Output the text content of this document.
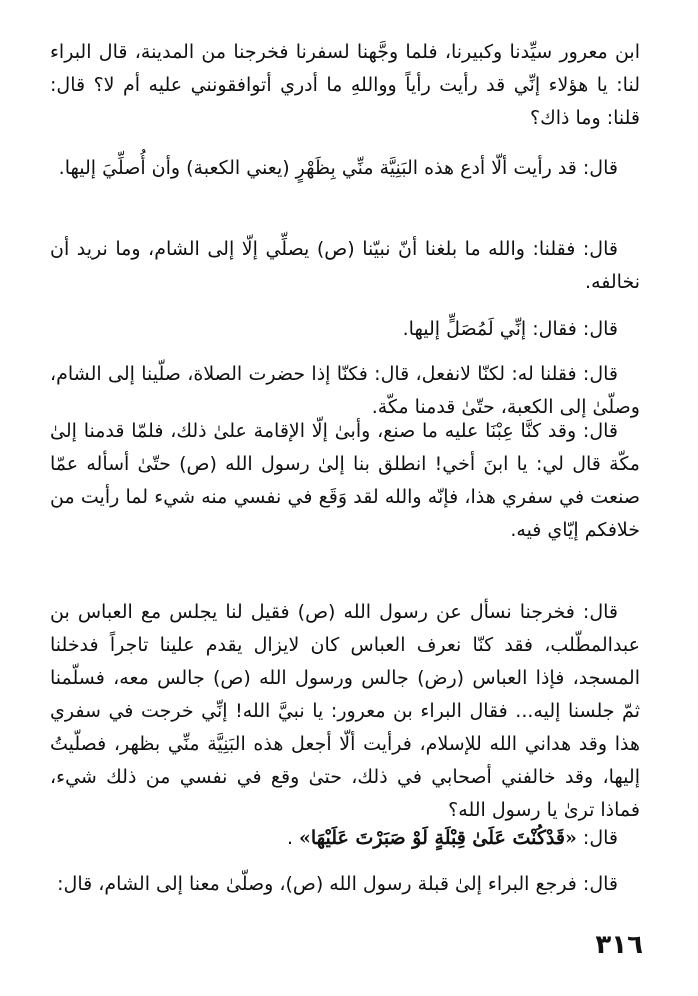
ابن معرور سيِّدنا وكبيرنا، فلما وجَّهنا لسفرنا فخرجنا من المدينة، قال البراء لنا: يا هؤلاء إنِّي قد رأيت رأياً وواللهِ ما أدري أتوافقونني عليه أم لا؟ قال: قلنا: وما ذاك؟

قال: قد رأيت ألّا أدع هذه البَنِيَّة منِّي بِظَهْرٍ (يعني الكعبة) وأن أُصلِّيَ إليها.

قال: فقلنا: والله ما بلغنا أنّ نبيّنا (ص) يصلِّي إلّا إلى الشام، وما نريد أن نخالفه.

قال: فقال: إنِّي لَمُصَلٍّ إليها.

قال: فقلنا له: لكنّا لانفعل، قال: فكنّا إذا حضرت الصلاة، صلّينا إلى الشام، وصلّىٰ إلى الكعبة، حتّىٰ قدمنا مكّة.

قال: وقد كنَّا عِبْنَا عليه ما صنع، وأبىٰ إلّا الإقامة علىٰ ذلك، فلمّا قدمنا إلىٰ مكّة قال لي: يا ابنَ أخي! انطلق بنا إلىٰ رسول الله (ص) حتّىٰ أسأله عمّا صنعت في سفري هذا، فإنّه والله لقد وَقَع في نفسي منه شيء لما رأيت من خلافكم إيّاي فيه.

قال: فخرجنا نسأل عن رسول الله (ص) فقيل لنا يجلس مع العباس بن عبدالمطّلب، فقد كنّا نعرف العباس كان لايزال يقدم علينا تاجراً فدخلنا المسجد، فإذا العباس (رض) جالس ورسول الله (ص) جالس معه، فسلّمنا ثمّ جلسنا إليه... فقال البراء بن معرور: يا نبيَّ الله! إنِّي خرجت في سفري هذا وقد هداني الله للإسلام، فرأيت ألّا أجعل هذه البَنِيَّة منِّي بظهر، فصلّيتُ إليها، وقد خالفني أصحابي في ذلك، حتىٰ وقع في نفسي من ذلك شيء، فماذا ترىٰ يا رسول الله؟

قال: «قَدْكُنْتَ عَلَىٰ قِبْلَةٍ لَوْ صَبَرْتَ عَلَيْهَا» .

قال: فرجع البراء إلىٰ قبلة رسول الله (ص)، وصلّىٰ معنا إلى الشام، قال:

٣١٦
